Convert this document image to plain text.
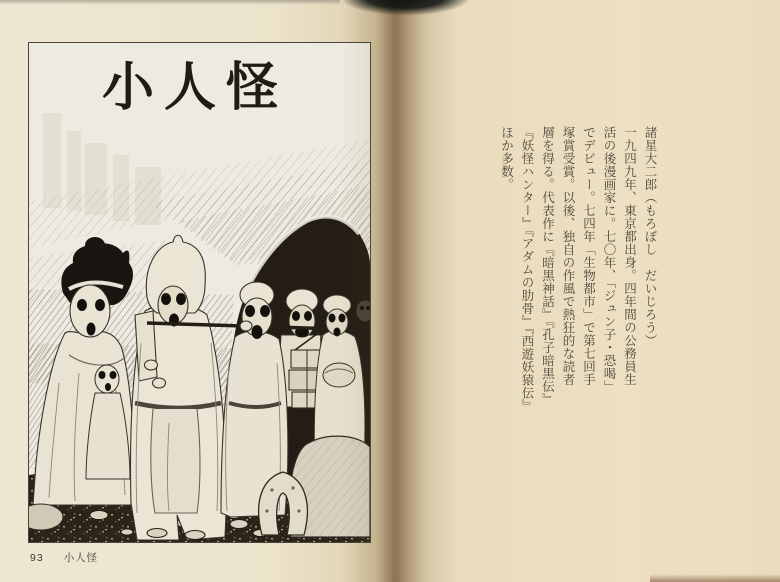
小人怪
93 小人怪
諸星大二郎（もろぼし　だいじろう）
一九四九年、東京都出身。四年間の公務員生
活の後漫画家に。七〇年、「ジュン子・恐喝」
でデビュー。七四年「生物都市」で第七回手
塚賞受賞。以後、独自の作風で熱狂的な読者
層を得る。代表作に『暗黒神話』『孔子暗黒伝』
『妖怪ハンター』『アダムの肋骨』『西遊妖猿伝』
ほか多数。
